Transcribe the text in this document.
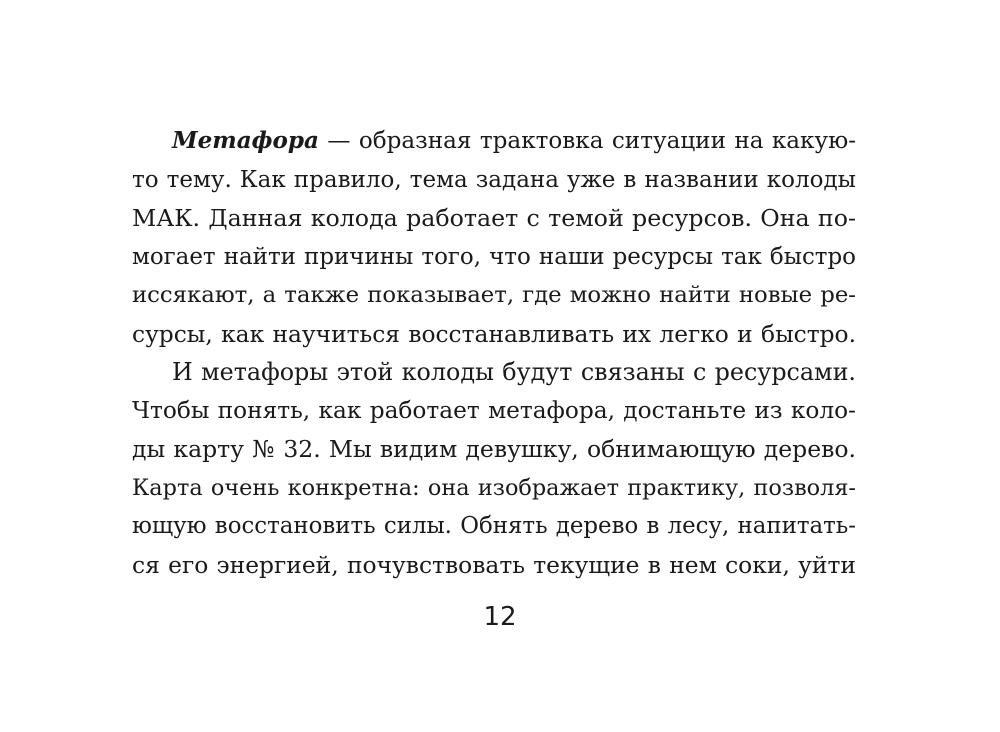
Метафора — образная трактовка ситуации на какую-
то тему. Как правило, тема задана уже в названии колоды
МАК. Данная колода работает с темой ресурсов. Она по-
могает найти причины того, что наши ресурсы так быстро
иссякают, а также показывает, где можно найти новые ре-
сурсы, как научиться восстанавливать их легко и быстро.
И метафоры этой колоды будут связаны с ресурсами.
Чтобы понять, как работает метафора, достаньте из коло-
ды карту № 32. Мы видим девушку, обнимающую дерево.
Карта очень конкретна: она изображает практику, позволя-
ющую восстановить силы. Обнять дерево в лесу, напитать-
ся его энергией, почувствовать текущие в нем соки, уйти
12
